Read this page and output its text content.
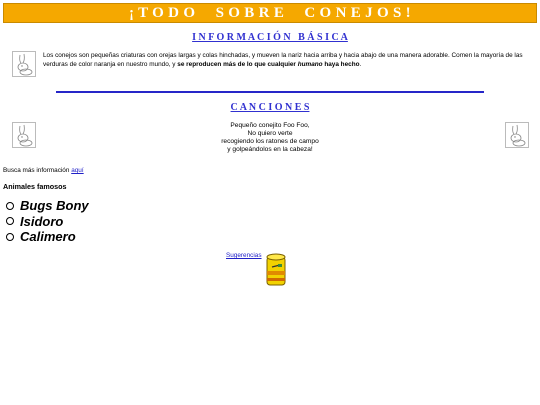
¡ T O D O     S O B R E     C O N E J O S !
I N F O R M A C I Ó N   B Á S I C A
Los conejos son pequeñas criaturas con orejas largas y colas hinchadas, y mueven la nariz hacia arriba y hacia abajo de una manera adorable. Comen la mayoría de las verduras de color naranja en nuestro mundo, y se reproducen más de lo que cualquier humano haya hecho.
C A N C I O N E S
Pequeño conejito Foo Foo,
No quiero verte
recogiendo los ratones de campo
y golpeándolos en la cabeza!
Busca más información aquí
Animales famosos
Bugs Bony
Isidoro
Calimero
Sugerencias
